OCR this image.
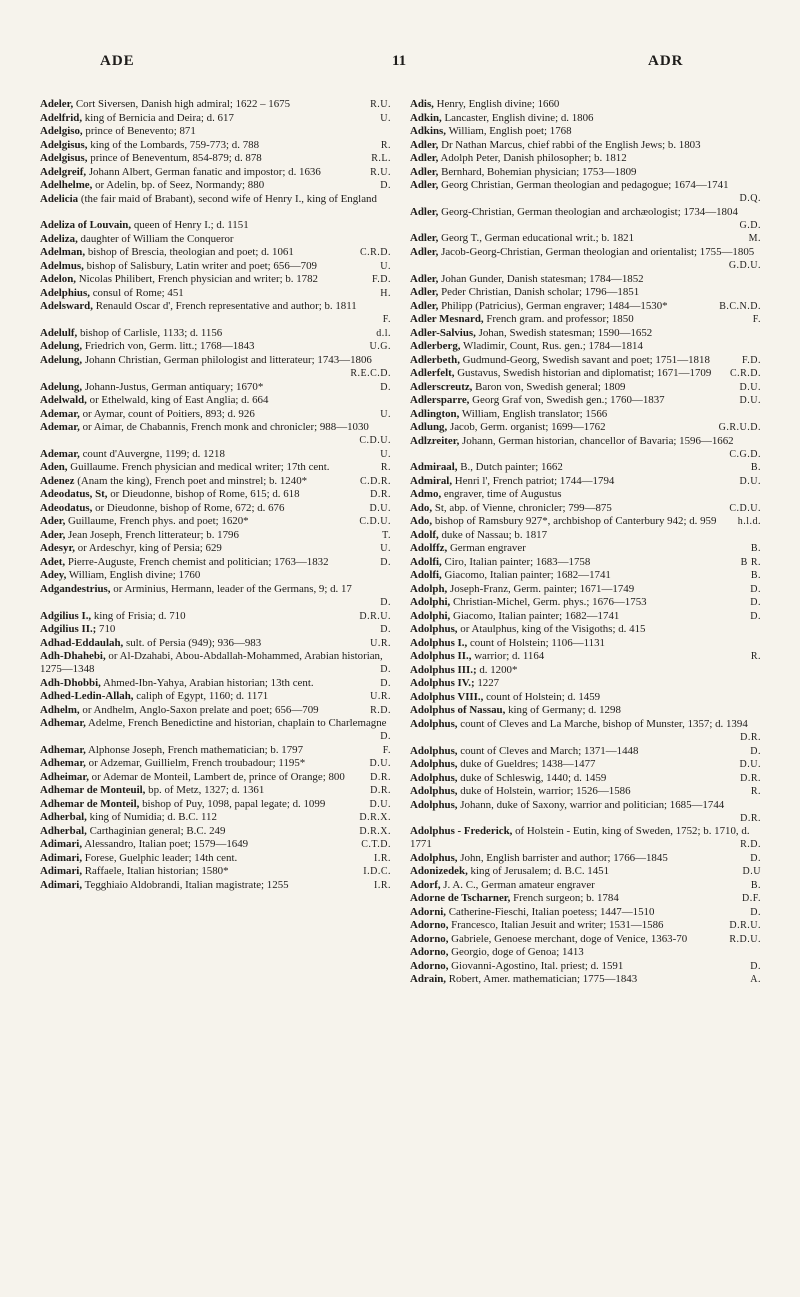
ADE	11	ADR
Adeler, Cort Siversen, Danish high admiral; 1622 – 1675	R.U.
Adelfrid, king of Bernicia and Deira; d. 617	U.
Adelgiso, prince of Benevento; 871
Adelgisus, king of the Lombards, 759-773; d. 788	R.
Adelgisus, prince of Beneventum, 854-879; d. 878	R.L.
Adelgreif, Johann Albert, German fanatic and impostor; d. 1636	R.U.
Adelhelme, or Adelin, bp. of Seez, Normandy; 880	D.
Adelicia (the fair maid of Brabant), second wife of Henry I., king of England
Adeliza of Louvain, queen of Henry I.; d. 1151
Adeliza, daughter of William the Conqueror
Adelman, bishop of Brescia, theologian and poet; d. 1061	C.R.D.
Adelmus, bishop of Salisbury, Latin writer and poet; 656—709	U.
Adelon, Nicolas Philibert, French physician and writer; b. 1782	F.D.
Adelphius, consul of Rome; 451	H.
Adelsward, Renauld Oscar d', French representative and author; b. 1811
F.
Adelulf, bishop of Carlisle, 1133; d. 1156	d.l.
Adelung, Friedrich von, Germ. litt.; 1768—1843	U.G.
Adelung, Johann Christian, German philologist and litterateur; 1743—1806
R.E.C.D.
Adelung, Johann-Justus, German antiquary; 1670*	D.
Adelwald, or Ethelwald, king of East Anglia; d. 664
Ademar, or Aymar, count of Poitiers, 893; d. 926	U.
Ademar, or Aimar, de Chabannis, French monk and chronicler; 988—1030
C.D.U.
Ademar, count d'Auvergne, 1199; d. 1218	U.
Aden, Guillaume. French physician and medical writer; 17th cent.	R.
Adenez (Anam the king), French poet and minstrel; b. 1240*	C.D.R.
Adeodatus, St, or Dieudonne, bishop of Rome, 615; d. 618	D.R.
Adeodatus, or Dieudonne, bishop of Rome, 672; d. 676	D.U.
Ader, Guillaume, French phys. and poet; 1620*	C.D.U.
Ader, Jean Joseph, French litterateur; b. 1796	T.
Adesyr, or Ardeschyr, king of Persia; 629	U.
Adet, Pierre-Auguste, French chemist and politician; 1763—1832	D.
Adey, William, English divine; 1760
Adgandestrius, or Arminius, Hermann, leader of the Germans, 9; d. 17
D.
Adgilius I., king of Frisia; d. 710	D.R.U.
Adgilius II.; 710	D.
Adhad-Eddaulah, sult. of Persia (949); 936—983	U.R.
Adh-Dhahebi, or Al-Dzahabi, Abou-Abdallah-Mohammed, Arabian historian, 1275—1348	D.
Adh-Dhobbi, Ahmed-Ibn-Yahya, Arabian historian; 13th cent.	D.
Adhed-Ledin-Allah, caliph of Egypt, 1160; d. 1171	U.R.
Adhelm, or Andhelm, Anglo-Saxon prelate and poet; 656—709	R.D.
Adhemar, Adelme, French Benedictine and historian, chaplain to Charlemagne
D.
Adhemar, Alphonse Joseph, French mathematician; b. 1797	F.
Adhemar, or Adzemar, Guillielm, French troubadour; 1195*	D.U.
Adheimar, or Ademar de Monteil, Lambert de, prince of Orange; 800	D.R.
Adhemar de Monteuil, bp. of Metz, 1327; d. 1361	D.R.
Adhemar de Monteil, bishop of Puy, 1098, papal legate; d. 1099	D.U.
Adherbal, king of Numidia; d. B.C. 112	D.R.X.
Adherbal, Carthaginian general; B.C. 249	D.R.X.
Adimari, Alessandro, Italian poet; 1579—1649	C.T.D.
Adimari, Forese, Guelphic leader; 14th cent.	I.R.
Adimari, Raffaele, Italian historian; 1580*	I.D.C.
Adimari, Tegghiaio Aldobrandi, Italian magistrate; 1255	I.R.
Adis, Henry, English divine; 1660
Adkin, Lancaster, English divine; d. 1806
Adkins, William, English poet; 1768
Adler, Dr Nathan Marcus, chief rabbi of the English Jews; b. 1803
Adler, Adolph Peter, Danish philosopher; b. 1812
Adler, Bernhard, Bohemian physician; 1753—1809
Adler, Georg Christian, German theologian and pedagogue; 1674—1741
D.Q.
Adler, Georg-Christian, German theologian and archæologist; 1734—1804
G.D.
Adler, Georg T., German educational writ.; b. 1821	M.
Adler, Jacob-Georg-Christian, German theologian and orientalist; 1755—1805
G.D.U.
Adler, Johan Gunder, Danish statesman; 1784—1852
Adler, Peder Christian, Danish scholar; 1796—1851
Adler, Philipp (Patricius), German engraver; 1484—1530*	B.C.N.D.
Adler Mesnard, French gram. and professor; 1850	F.
Adler-Salvius, Johan, Swedish statesman; 1590—1652
Adlerberg, Wladimir, Count, Rus. gen.; 1784—1814
Adlerbeth, Gudmund-Georg, Swedish savant and poet; 1751—1818	F.D.
Adlerfelt, Gustavus, Swedish historian and diplomatist; 1671—1709 C.R.D.
Adlerscreutz, Baron von, Swedish general; 1809	D.U.
Adlersparre, Georg Graf von, Swedish gen.; 1760—1837	D.U.
Adlington, William, English translator; 1566
Adlung, Jacob, Germ. organist; 1699—1762	G.R.U.D.
Adlzreiter, Johann, German historian, chancellor of Bavaria; 1596—1662
C.G.D.
Admiraal, B., Dutch painter; 1662	B.
Admiral, Henri l', French patriot; 1744—1794	D.U.
Admo, engraver, time of Augustus
Ado, St, abp. of Vienne, chronicler; 799—875	C.D.U.
Ado, bishop of Ramsbury 927*, archbishop of Canterbury 942; d. 959 h.l.d.
Adolf, duke of Nassau; b. 1817
Adolffz, German engraver	B.
Adolfi, Ciro, Italian painter; 1683—1758	B R.
Adolfi, Giacomo, Italian painter; 1682—1741	B.
Adolph, Joseph-Franz, Germ. painter; 1671—1749	D.
Adolphi, Christian-Michel, Germ. phys.; 1676—1753	D.
Adolphi, Giacomo, Italian painter; 1682—1741	D.
Adolphus, or Ataulphus, king of the Visigoths; d. 415
Adolphus I., count of Holstein; 1106—1131
Adolphus II., warrior; d. 1164	R.
Adolphus III.; d. 1200*
Adolphus IV.; 1227
Adolphus VIII., count of Holstein; d. 1459
Adolphus of Nassau, king of Germany; d. 1298
Adolphus, count of Cleves and La Marche, bishop of Munster, 1357; d. 1394
D.R.
Adolphus, count of Cleves and March; 1371—1448	D.
Adolphus, duke of Gueldres; 1438—1477	D.U.
Adolphus, duke of Schleswig, 1440; d. 1459	D.R.
Adolphus, duke of Holstein, warrior; 1526—1586	R.
Adolphus, Johann, duke of Saxony, warrior and politician; 1685—1744
D.R.
Adolphus - Frederick, of Holstein - Eutin, king of Sweden, 1752; b. 1710, d. 1771	R.D.
Adolphus, John, English barrister and author; 1766—1845	D.
Adonizedek, king of Jerusalem; d. B.C. 1451	D.U
Adorf, J. A. C., German amateur engraver	B.
Adorne de Tscharner, French surgeon; b. 1784	D.F.
Adorni, Catherine-Fieschi, Italian poetess; 1447—1510	D.
Adorno, Francesco, Italian Jesuit and writer; 1531—1586	D.R.U.
Adorno, Gabriele, Genoese merchant, doge of Venice, 1363-70	R.D.U.
Adorno, Georgio, doge of Genoa; 1413
Adorno, Giovanni-Agostino, Ital. priest; d. 1591	D.
Adrain, Robert, Amer. mathematician; 1775—1843	A.
